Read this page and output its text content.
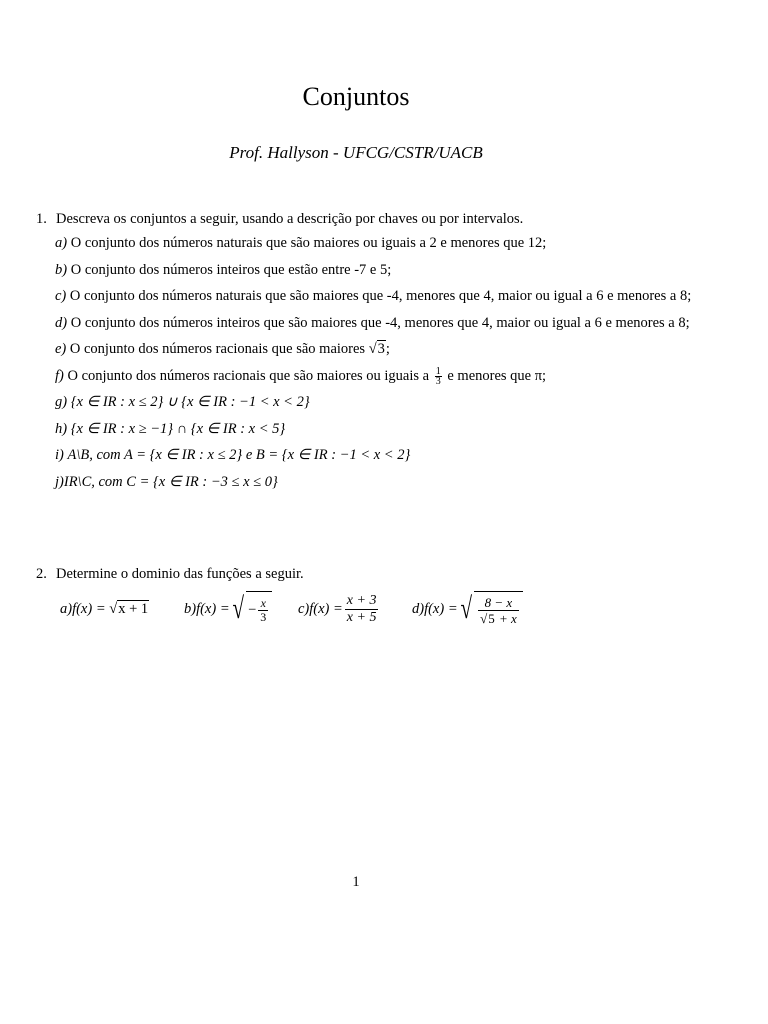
Conjuntos
Prof. Hallyson - UFCG/CSTR/UACB
1. Descreva os conjuntos a seguir, usando a descrição por chaves ou por intervalos.
a) O conjunto dos números naturais que são maiores ou iguais a 2 e menores que 12;
b) O conjunto dos números inteiros que estão entre -7 e 5;
c) O conjunto dos números naturais que são maiores que -4, menores que 4, maior ou igual a 6 e menores a 8;
d) O conjunto dos números inteiros que são maiores que -4, menores que 4, maior ou igual a 6 e menores a 8;
e) O conjunto dos números racionais que são maiores √3;
f) O conjunto dos números racionais que são maiores ou iguais a $\frac{1}{3}$ e menores que π;
g) {x ∈ IR : x ≤ 2} ∪ {x ∈ IR : −1 < x < 2}
h) {x ∈ IR : x ≥ −1} ∩ {x ∈ IR : x < 5}
i) A\B, com A = {x ∈ IR : x ≤ 2} e B = {x ∈ IR : −1 < x < 2}
j)IR\C, com C = {x ∈ IR : −3 ≤ x ≤ 0}
2. Determine o dominio das funções a seguir.
a)f(x) = √x + 1 b)f(x) = √ − $\frac{x}{3} c)f(x) = \frac{x + 3}{x + 5} d)f(x)$ = √ $\frac{8 - x}{√5 + x}$
1
